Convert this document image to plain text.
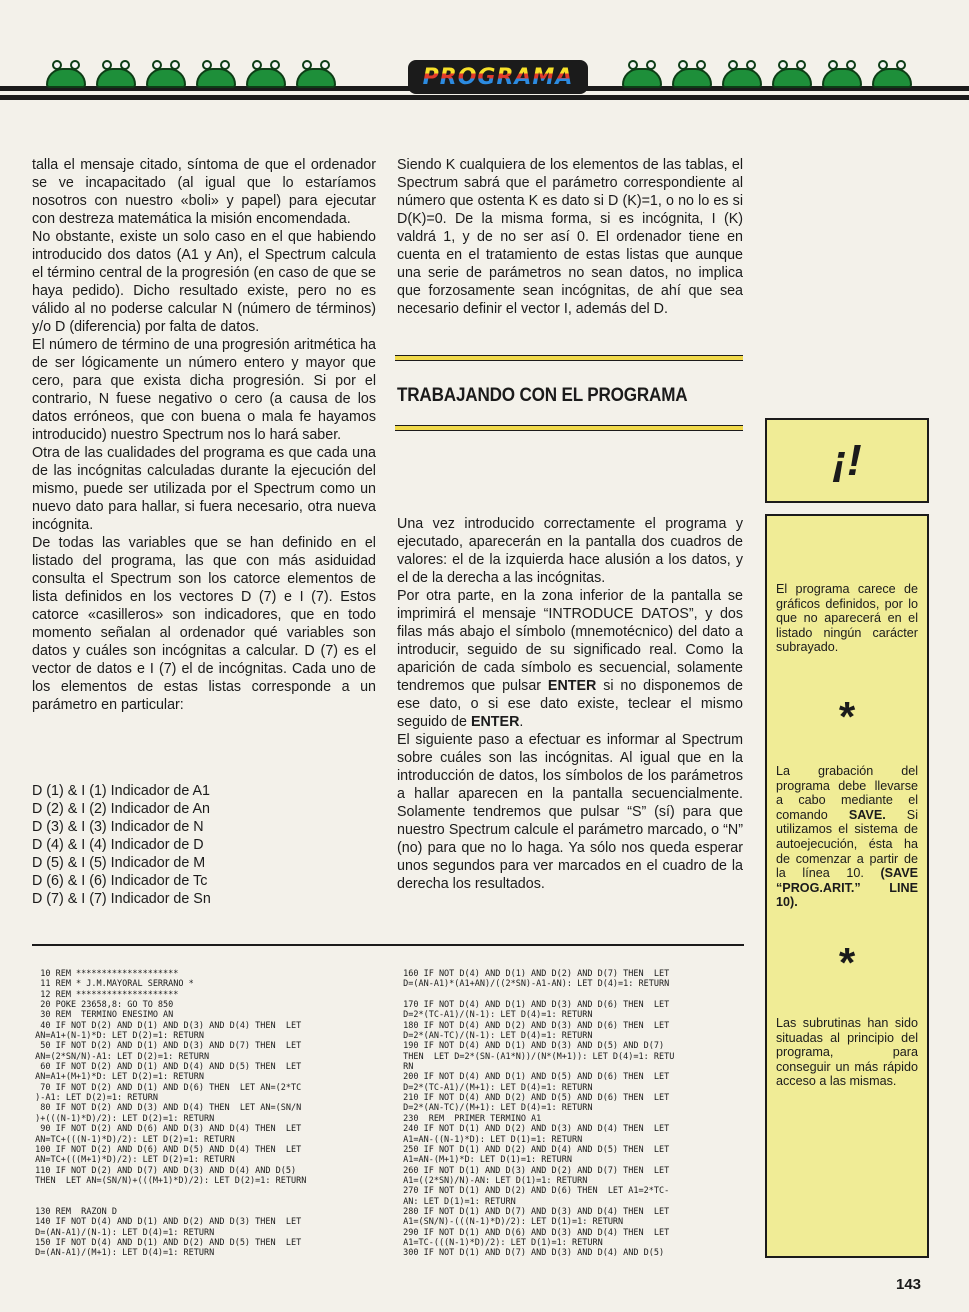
PROGRAMA

talla el mensaje citado, síntoma de que el ordenador se ve incapacitado (al igual que lo estaríamos nosotros con nuestro «boli» y papel) para ejecutar con destreza matemática la misión encomendada.

No obstante, existe un solo caso en el que habiendo introducido dos datos (A1 y An), el Spectrum calcula el término central de la progresión (en caso de que se haya pedido). Dicho resultado existe, pero no es válido al no poderse calcular N (número de términos) y/o D (diferencia) por falta de datos.

El número de término de una progresión aritmética ha de ser lógicamente un número entero y mayor que cero, para que exista dicha progresión. Si por el contrario, N fuese negativo o cero (a causa de los datos erróneos, que con buena o mala fe hayamos introducido) nuestro Spectrum nos lo hará saber.

Otra de las cualidades del programa es que cada una de las incógnitas calculadas durante la ejecución del mismo, puede ser utilizada por el Spectrum como un nuevo dato para hallar, si fuera necesario, otra nueva incógnita.

De todas las variables que se han definido en el listado del programa, las que con más asiduidad consulta el Spectrum son los catorce elementos de lista definidos en los vectores D (7) e I (7). Estos catorce «casilleros» son indicadores, que en todo momento señalan al ordenador qué variables son datos y cuáles son incógnitas a calcular. D (7) es el vector de datos e I (7) el de incógnitas. Cada uno de los elementos de estas listas corresponde a un parámetro en particular:

D (1) & I (1) Indicador de A1
D (2) & I (2) Indicador de An
D (3) & I (3) Indicador de N
D (4) & I (4) Indicador de D
D (5) & I (5) Indicador de M
D (6) & I (6) Indicador de Tc
D (7) & I (7) Indicador de Sn

Siendo K cualquiera de los elementos de las tablas, el Spectrum sabrá que el parámetro correspondiente al número que ostenta K es dato si D (K)=1, o no lo es si D(K)=0. De la misma forma, si es incógnita, I (K) valdrá 1, y de no ser así 0. El ordenador tiene en cuenta en el tratamiento de estas listas que aunque una serie de parámetros no sean datos, no implica que forzosamente sean incógnitas, de ahí que sea necesario definir el vector I, además del D.

TRABAJANDO CON EL PROGRAMA

Una vez introducido correctamente el programa y ejecutado, aparecerán en la pantalla dos cuadros de valores: el de la izquierda hace alusión a los datos, y el de la derecha a las incógnitas.

Por otra parte, en la zona inferior de la pantalla se imprimirá el mensaje “INTRODUCE DATOS”, y dos filas más abajo el símbolo (mnemotécnico) del dato a introducir, seguido de su significado real. Como la aparición de cada símbolo es secuencial, solamente tendremos que pulsar ENTER si no disponemos de ese dato, o si ese dato existe, teclear el mismo seguido de ENTER.

El siguiente paso a efectuar es informar al Spectrum sobre cuáles son las incógnitas. Al igual que en la introducción de datos, los símbolos de los parámetros a hallar aparecen en la pantalla secuencialmente. Solamente tendremos que pulsar “S” (sí) para que nuestro Spectrum calcule el parámetro marcado, o “N” (no) para que no lo haga. Ya sólo nos queda esperar unos segundos para ver marcados en el cuadro de la derecha los resultados.

¡!
El programa carece de gráficos definidos, por lo que no aparecerá en el listado ningún carácter subrayado.
*
La grabación del programa debe llevarse a cabo mediante el comando SAVE. Si utilizamos el sistema de autoejecución, ésta ha de comenzar a partir de la línea 10. (SAVE “PROG.ARIT.” LINE 10).
*
Las subrutinas han sido situadas al principio del programa, para conseguir un más rápido acceso a las mismas.
10 REM ********************
11 REM * J.M.MAYORAL SERRANO *
12 REM ********************
20 POKE 23658,8: GO TO 850
30 REM  TERMINO ENESIMO AN
40 IF NOT D(2) AND D(1) AND D(3) AND D(4) THEN  LET
AN=A1+(N-1)*D: LET D(2)=1: RETURN
50 IF NOT D(2) AND D(1) AND D(3) AND D(7) THEN  LET
AN=(2*SN/N)-A1: LET D(2)=1: RETURN
60 IF NOT D(2) AND D(1) AND D(4) AND D(5) THEN  LET
AN=A1+(M+1)*D: LET D(2)=1: RETURN
70 IF NOT D(2) AND D(1) AND D(6) THEN  LET AN=(2*TC
)-A1: LET D(2)=1: RETURN
80 IF NOT D(2) AND D(3) AND D(4) THEN  LET AN=(SN/N
)+(((N-1)*D)/2): LET D(2)=1: RETURN
90 IF NOT D(2) AND D(6) AND D(3) AND D(4) THEN  LET
AN=TC+(((N-1)*D)/2): LET D(2)=1: RETURN
100 IF NOT D(2) AND D(6) AND D(5) AND D(4) THEN  LET
AN=TC+(((M+1)*D)/2): LET D(2)=1: RETURN
110 IF NOT D(2) AND D(7) AND D(3) AND D(4) AND D(5)
THEN  LET AN=(SN/N)+(((M+1)*D)/2): LET D(2)=1: RETURN

130 REM  RAZON D
140 IF NOT D(4) AND D(1) AND D(2) AND D(3) THEN  LET
D=(AN-A1)/(N-1): LET D(4)=1: RETURN
150 IF NOT D(4) AND D(1) AND D(2) AND D(5) THEN  LET
D=(AN-A1)/(M+1): LET D(4)=1: RETURN
160 IF NOT D(4) AND D(1) AND D(2) AND D(7) THEN  LET
D=(AN-A1)*(A1+AN)/((2*SN)-A1-AN): LET D(4)=1: RETURN

170 IF NOT D(4) AND D(1) AND D(3) AND D(6) THEN  LET
D=2*(TC-A1)/(N-1): LET D(4)=1: RETURN
180 IF NOT D(4) AND D(2) AND D(3) AND D(6) THEN  LET
D=2*(AN-TC)/(N-1): LET D(4)=1: RETURN
190 IF NOT D(4) AND D(1) AND D(3) AND D(5) AND D(7)
THEN  LET D=2*(SN-(A1*N))/(N*(M+1)): LET D(4)=1: RETU
RN
200 IF NOT D(4) AND D(1) AND D(5) AND D(6) THEN  LET
D=2*(TC-A1)/(M+1): LET D(4)=1: RETURN
210 IF NOT D(4) AND D(2) AND D(5) AND D(6) THEN  LET
D=2*(AN-TC)/(M+1): LET D(4)=1: RETURN
230  REM  PRIMER TERMINO A1
240 IF NOT D(1) AND D(2) AND D(3) AND D(4) THEN  LET
A1=AN-((N-1)*D): LET D(1)=1: RETURN
250 IF NOT D(1) AND D(2) AND D(4) AND D(5) THEN  LET
A1=AN-(M+1)*D: LET D(1)=1: RETURN
260 IF NOT D(1) AND D(3) AND D(2) AND D(7) THEN  LET
A1=((2*SN)/N)-AN: LET D(1)=1: RETURN
270 IF NOT D(1) AND D(2) AND D(6) THEN  LET A1=2*TC-
AN: LET D(1)=1: RETURN
280 IF NOT D(1) AND D(7) AND D(3) AND D(4) THEN  LET
A1=(SN/N)-(((N-1)*D)/2): LET D(1)=1: RETURN
290 IF NOT D(1) AND D(6) AND D(3) AND D(4) THEN  LET
A1=TC-(((N-1)*D)/2): LET D(1)=1: RETURN
300 IF NOT D(1) AND D(7) AND D(3) AND D(4) AND D(5)
143
